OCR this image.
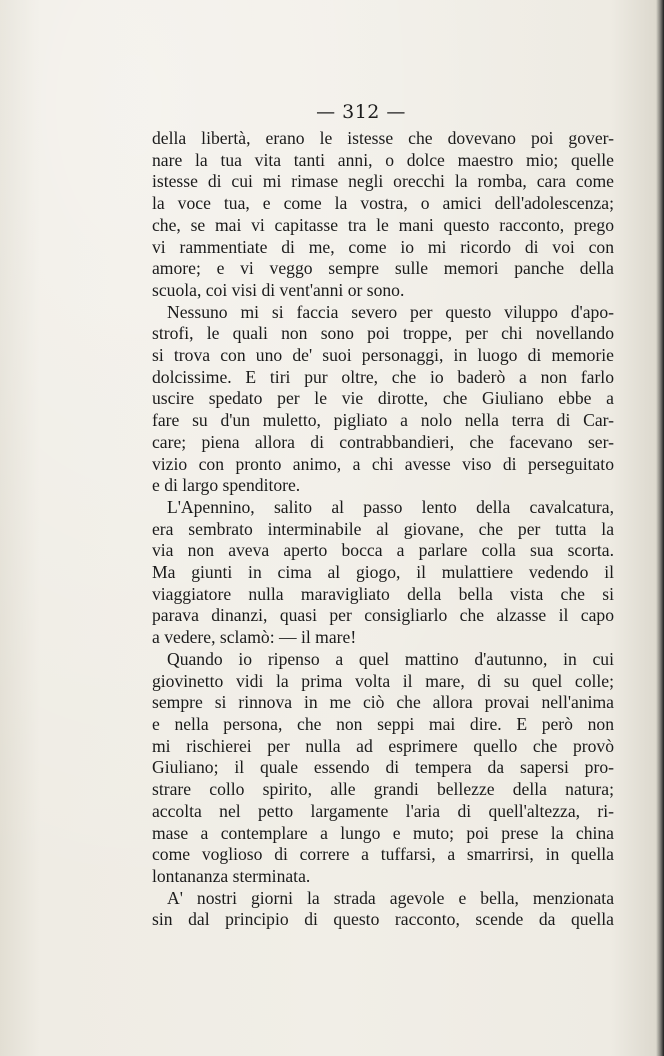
— 312 —
della libertà, erano le istesse che dovevano poi gover-
nare la tua vita tanti anni, o dolce maestro mio; quelle
istesse di cui mi rimase negli orecchi la romba, cara come
la voce tua, e come la vostra, o amici dell'adolescenza;
che, se mai vi capitasse tra le mani questo racconto, prego
vi rammentiate di me, come io mi ricordo di voi con
amore; e vi veggo sempre sulle memori panche della
scuola, coi visi di vent'anni or sono.
Nessuno mi si faccia severo per questo viluppo d'apo-
strofi, le quali non sono poi troppe, per chi novellando
si trova con uno de' suoi personaggi, in luogo di memorie
dolcissime. E tiri pur oltre, che io baderò a non farlo
uscire spedato per le vie dirotte, che Giuliano ebbe a
fare su d'un muletto, pigliato a nolo nella terra di Car-
care; piena allora di contrabbandieri, che facevano ser-
vizio con pronto animo, a chi avesse viso di perseguitato
e di largo spenditore.
L'Apennino, salito al passo lento della cavalcatura,
era sembrato interminabile al giovane, che per tutta la
via non aveva aperto bocca a parlare colla sua scorta.
Ma giunti in cima al giogo, il mulattiere vedendo il
viaggiatore nulla maravigliato della bella vista che si
parava dinanzi, quasi per consigliarlo che alzasse il capo
a vedere, sclamò: — il mare!
Quando io ripenso a quel mattino d'autunno, in cui
giovinetto vidi la prima volta il mare, di su quel colle;
sempre si rinnova in me ciò che allora provai nell'anima
e nella persona, che non seppi mai dire. E però non
mi rischierei per nulla ad esprimere quello che provò
Giuliano; il quale essendo di tempera da sapersi pro-
strare collo spirito, alle grandi bellezze della natura;
accolta nel petto largamente l'aria di quell'altezza, ri-
mase a contemplare a lungo e muto; poi prese la china
come voglioso di correre a tuffarsi, a smarrirsi, in quella
lontananza sterminata.
A' nostri giorni la strada agevole e bella, menzionata
sin dal principio di questo racconto, scende da quella
